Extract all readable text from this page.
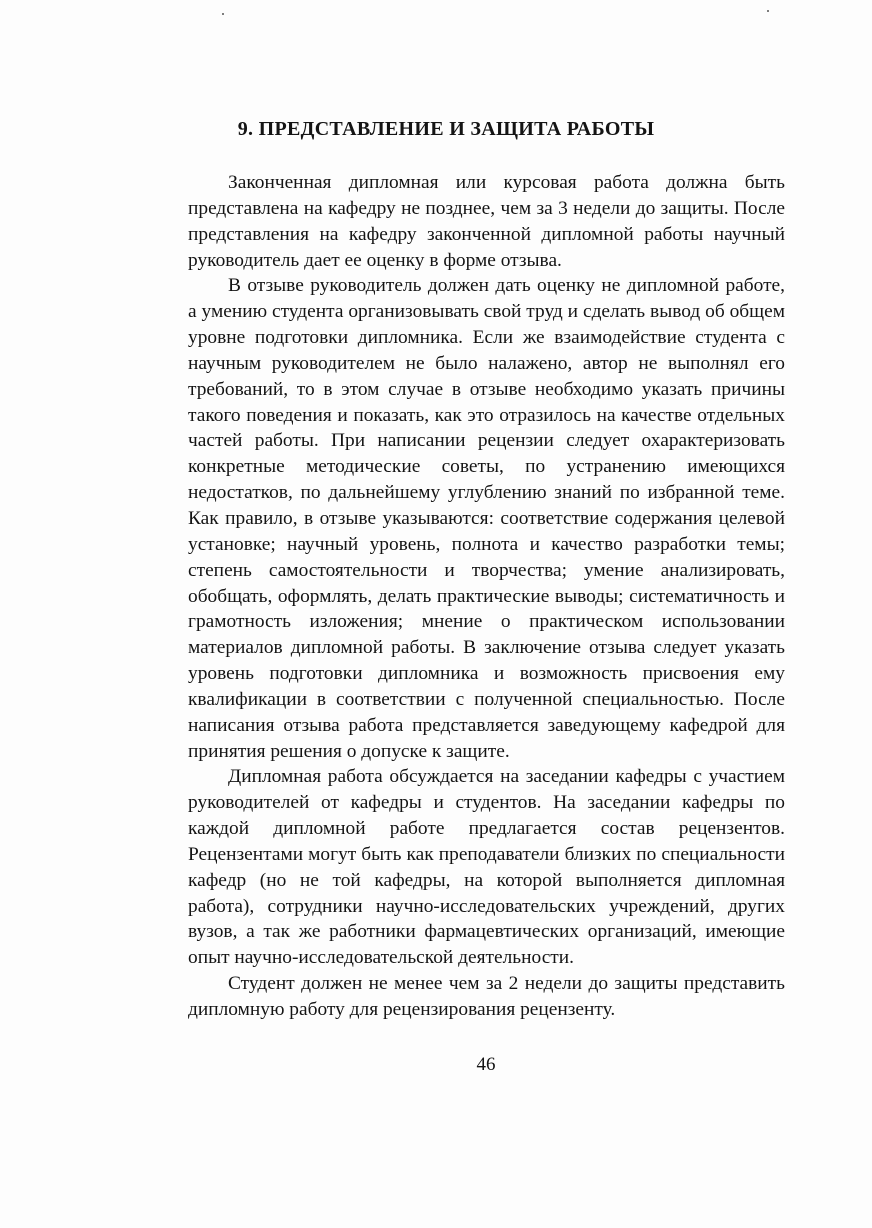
9. ПРЕДСТАВЛЕНИЕ И ЗАЩИТА РАБОТЫ

Законченная дипломная или курсовая работа должна быть представлена на кафедру не позднее, чем за 3 недели до защиты. После представления на кафедру законченной дипломной работы научный руководитель дает ее оценку в форме отзыва.

В отзыве руководитель должен дать оценку не дипломной работе, а умению студента организовывать свой труд и сделать вывод об общем уровне подготовки дипломника. Если же взаимодействие студента с научным руководителем не было налажено, автор не выполнял его требований, то в этом случае в отзыве необходимо указать причины такого поведения и показать, как это отразилось на качестве отдельных частей работы. При написании рецензии следует охарактеризовать конкретные методические советы, по устранению имеющихся недостатков, по дальнейшему углублению знаний по избранной теме. Как правило, в отзыве указываются: соответствие содержания целевой установке; научный уровень, полнота и качество разработки темы; степень самостоятельности и творчества; умение анализировать, обобщать, оформлять, делать практические выводы; систематичность и грамотность изложения; мнение о практическом использовании материалов дипломной работы. В заключение отзыва следует указать уровень подготовки дипломника и возможность присвоения ему квалификации в соответствии с полученной специальностью. После написания отзыва работа представляется заведующему кафедрой для принятия решения о допуске к защите.

Дипломная работа обсуждается на заседании кафедры с участием руководителей от кафедры и студентов. На заседании кафедры по каждой дипломной работе предлагается состав рецензентов. Рецензентами могут быть как преподаватели близких по специальности кафедр (но не той кафедры, на которой выполняется дипломная работа), сотрудники научно-исследовательских учреждений, других вузов, а так же работники фармацевтических организаций, имеющие опыт научно-исследовательской деятельности.

Студент должен не менее чем за 2 недели до защиты представить дипломную работу для рецензирования рецензенту.

46
